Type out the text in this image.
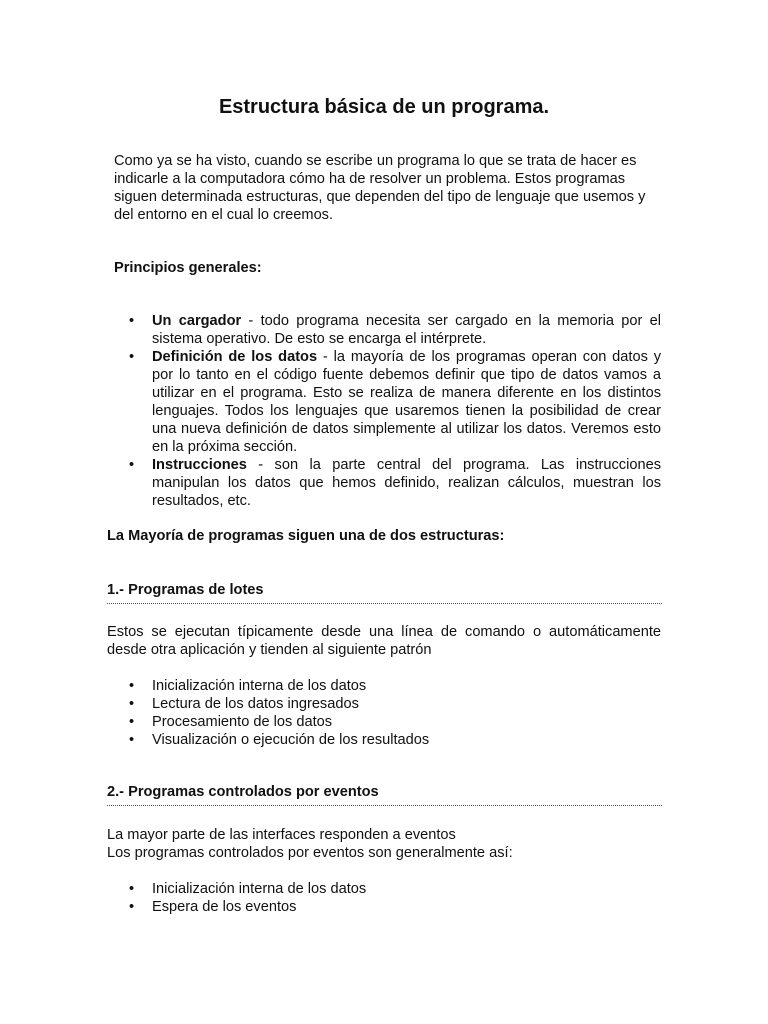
Estructura básica de un programa.

Como ya se ha visto, cuando se escribe un programa lo que se trata de hacer es indicarle a la computadora cómo ha de resolver un problema. Estos programas siguen determinada estructuras, que dependen del tipo de lenguaje que usemos y del entorno en el cual lo creemos.

Principios generales:

• Un cargador - todo programa necesita ser cargado en la memoria por el sistema operativo. De esto se encarga el intérprete.
• Definición de los datos - la mayoría de los programas operan con datos y por lo tanto en el código fuente debemos definir que tipo de datos vamos a utilizar en el programa. Esto se realiza de manera diferente en los distintos lenguajes. Todos los lenguajes que usaremos tienen la posibilidad de crear una nueva definición de datos simplemente al utilizar los datos. Veremos esto en la próxima sección.
• Instrucciones - son la parte central del programa. Las instrucciones manipulan los datos que hemos definido, realizan cálculos, muestran los resultados, etc.

La Mayoría de programas siguen una de dos estructuras:

1.- Programas de lotes

Estos se ejecutan típicamente desde una línea de comando o automáticamente desde otra aplicación y tienden al siguiente patrón

• Inicialización interna de los datos
• Lectura de los datos ingresados
• Procesamiento de los datos
• Visualización o ejecución de los resultados
2.- Programas controlados por eventos

La mayor parte de las interfaces responden a eventos
Los programas controlados por eventos son generalmente así:

• Inicialización interna de los datos
• Espera de los eventos
